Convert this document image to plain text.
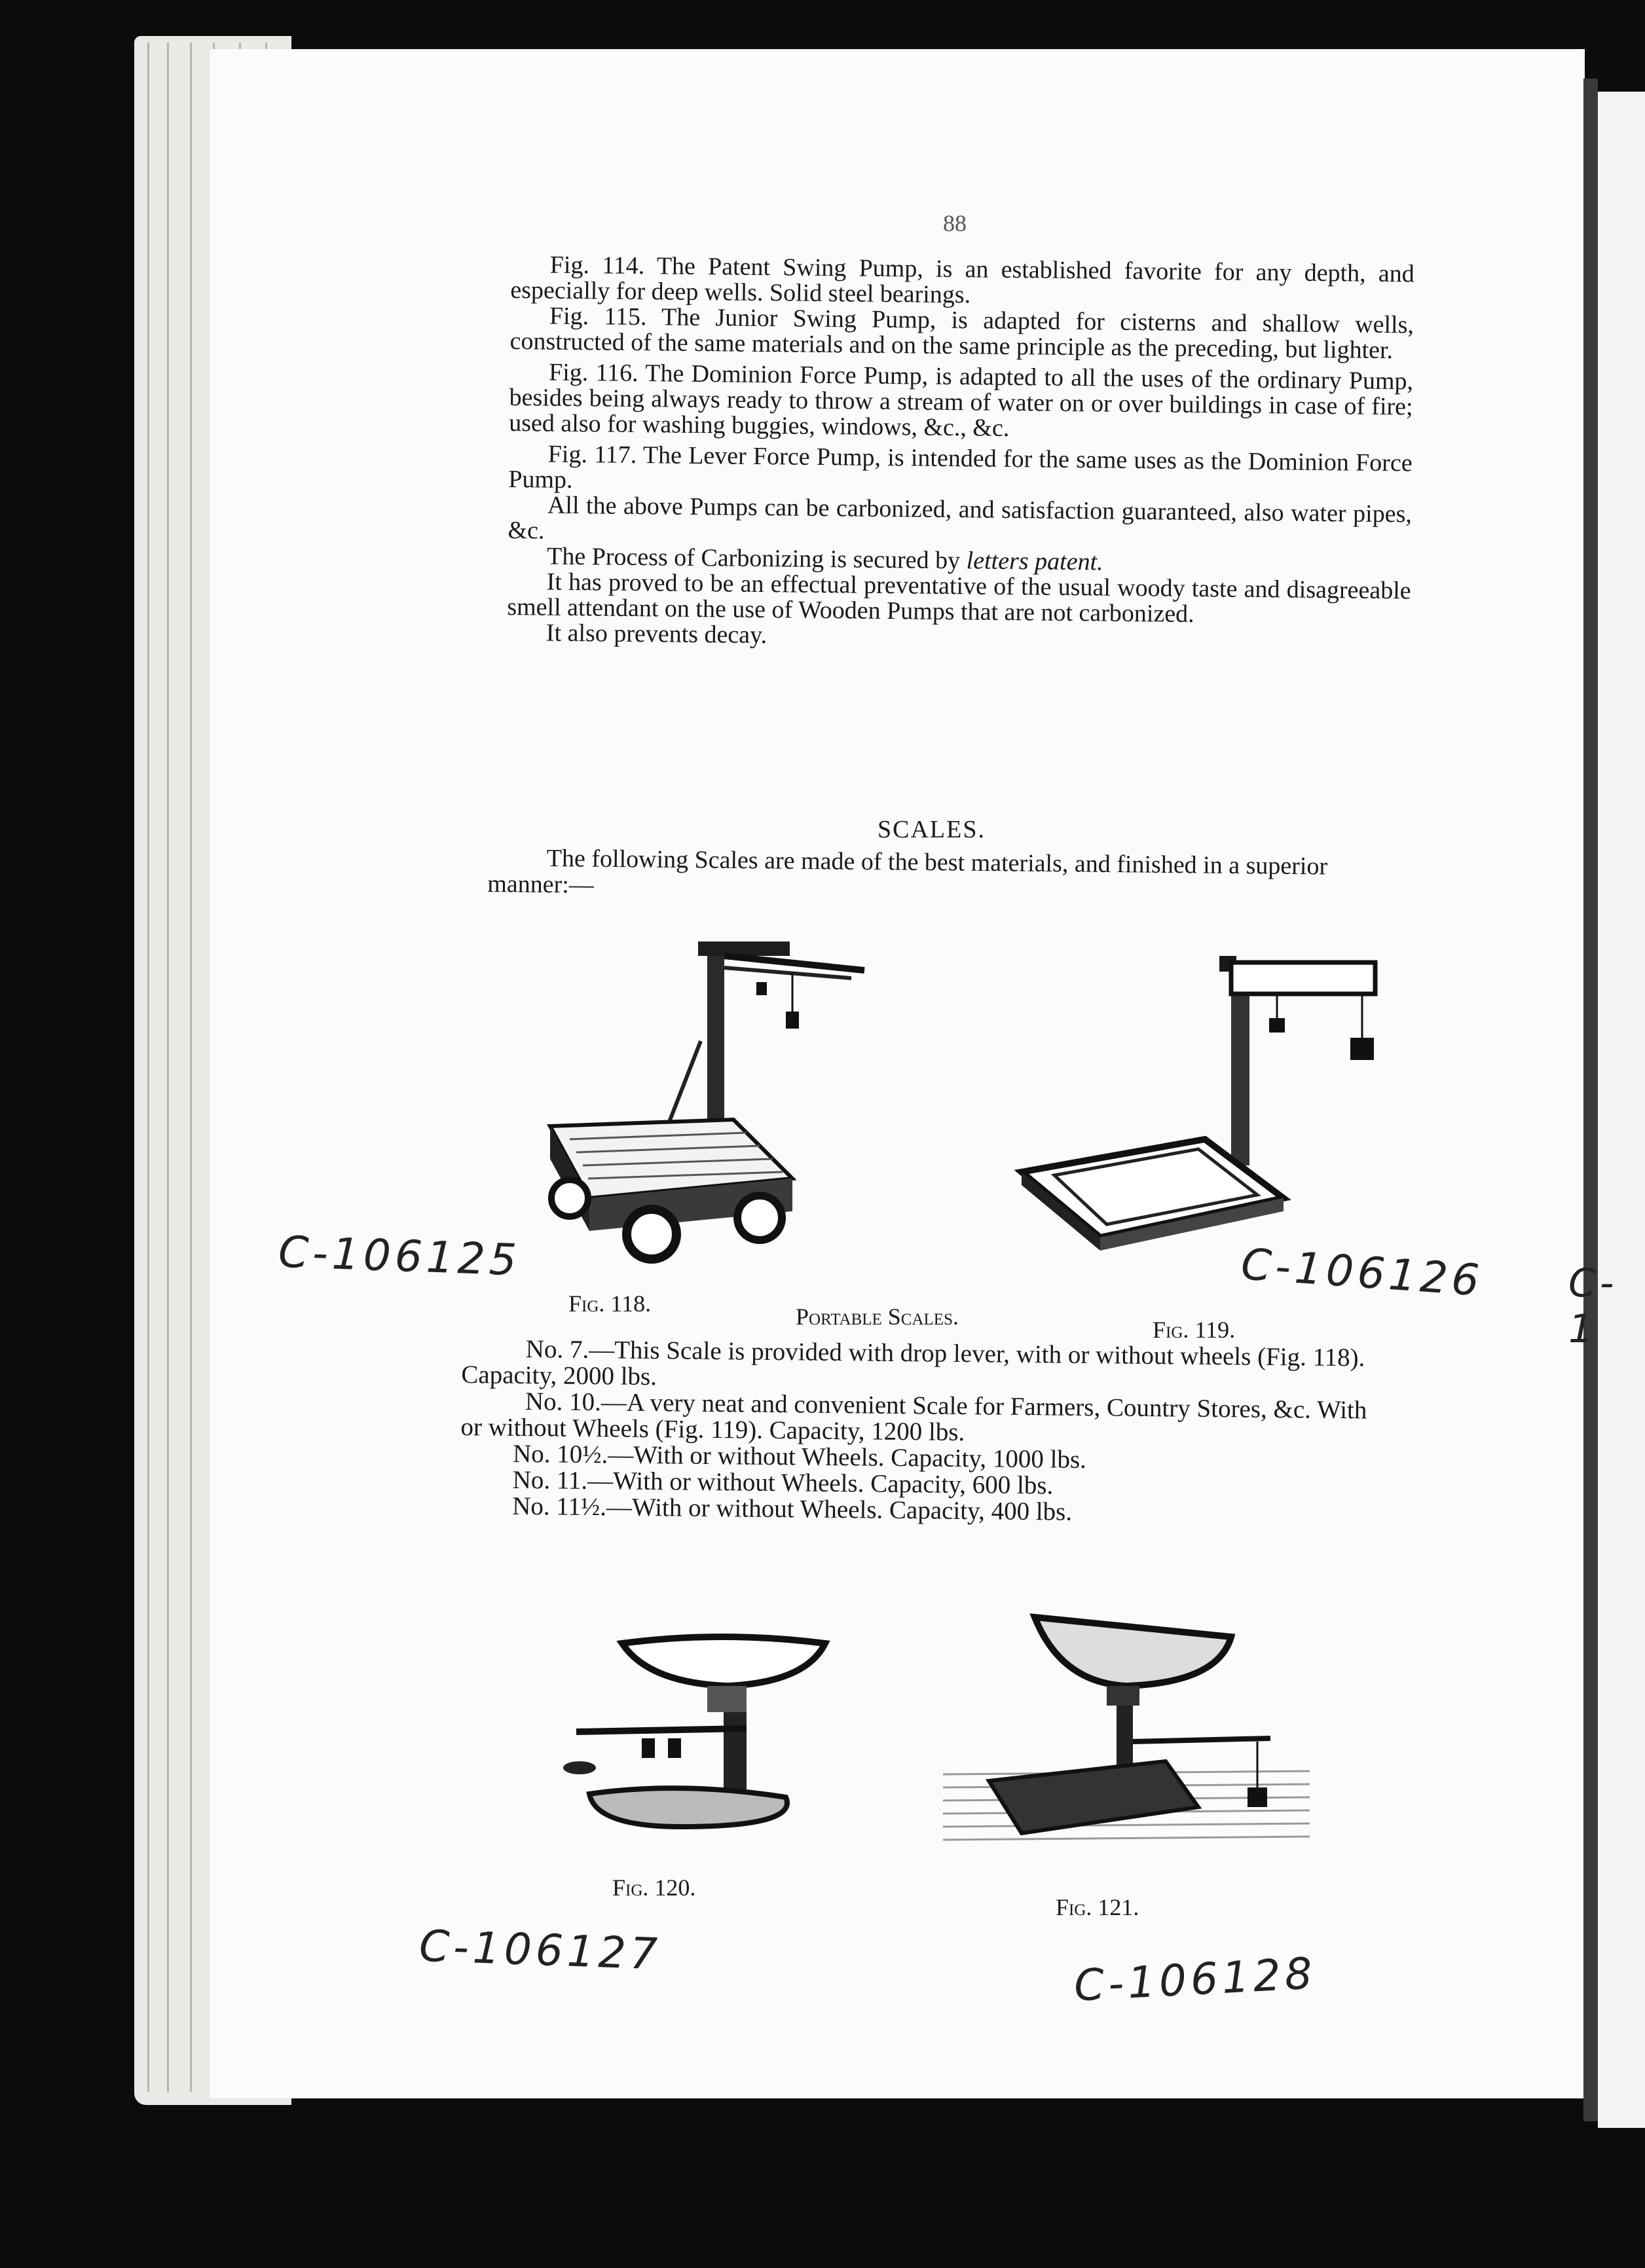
88

Fig. 114. The Patent Swing Pump, is an established favorite for any depth, and especially for deep wells. Solid steel bearings.

Fig. 115. The Junior Swing Pump, is adapted for cisterns and shallow wells, constructed of the same materials and on the same principle as the preceding, but lighter.

Fig. 116. The Dominion Force Pump, is adapted to all the uses of the ordinary Pump, besides being always ready to throw a stream of water on or over buildings in case of fire; used also for washing buggies, windows, &c., &c.

Fig. 117. The Lever Force Pump, is intended for the same uses as the Dominion Force Pump.

All the above Pumps can be carbonized, and satisfaction guaranteed, also water pipes, &c.

The Process of Carbonizing is secured by letters patent.

It has proved to be an effectual preventative of the usual woody taste and disagreeable smell attendant on the use of Wooden Pumps that are not carbonized.

It also prevents decay.

SCALES.

The following Scales are made of the best materials, and finished in a superior manner:—

Fig. 118.	Portable Scales.	Fig. 119.

No. 7.—This Scale is provided with drop lever, with or without wheels (Fig. 118). Capacity, 2000 lbs.

No. 10.—A very neat and convenient Scale for Farmers, Country Stores, &c. With or without Wheels (Fig. 119). Capacity, 1200 lbs.

No. 10½.—With or without Wheels. Capacity, 1000 lbs.

No. 11.—With or without Wheels. Capacity, 600 lbs.

No. 11½.—With or without Wheels. Capacity, 400 lbs.

Fig. 120.
Fig. 121.
C-106125	C-106126
C-106127	C-106128
C-1
